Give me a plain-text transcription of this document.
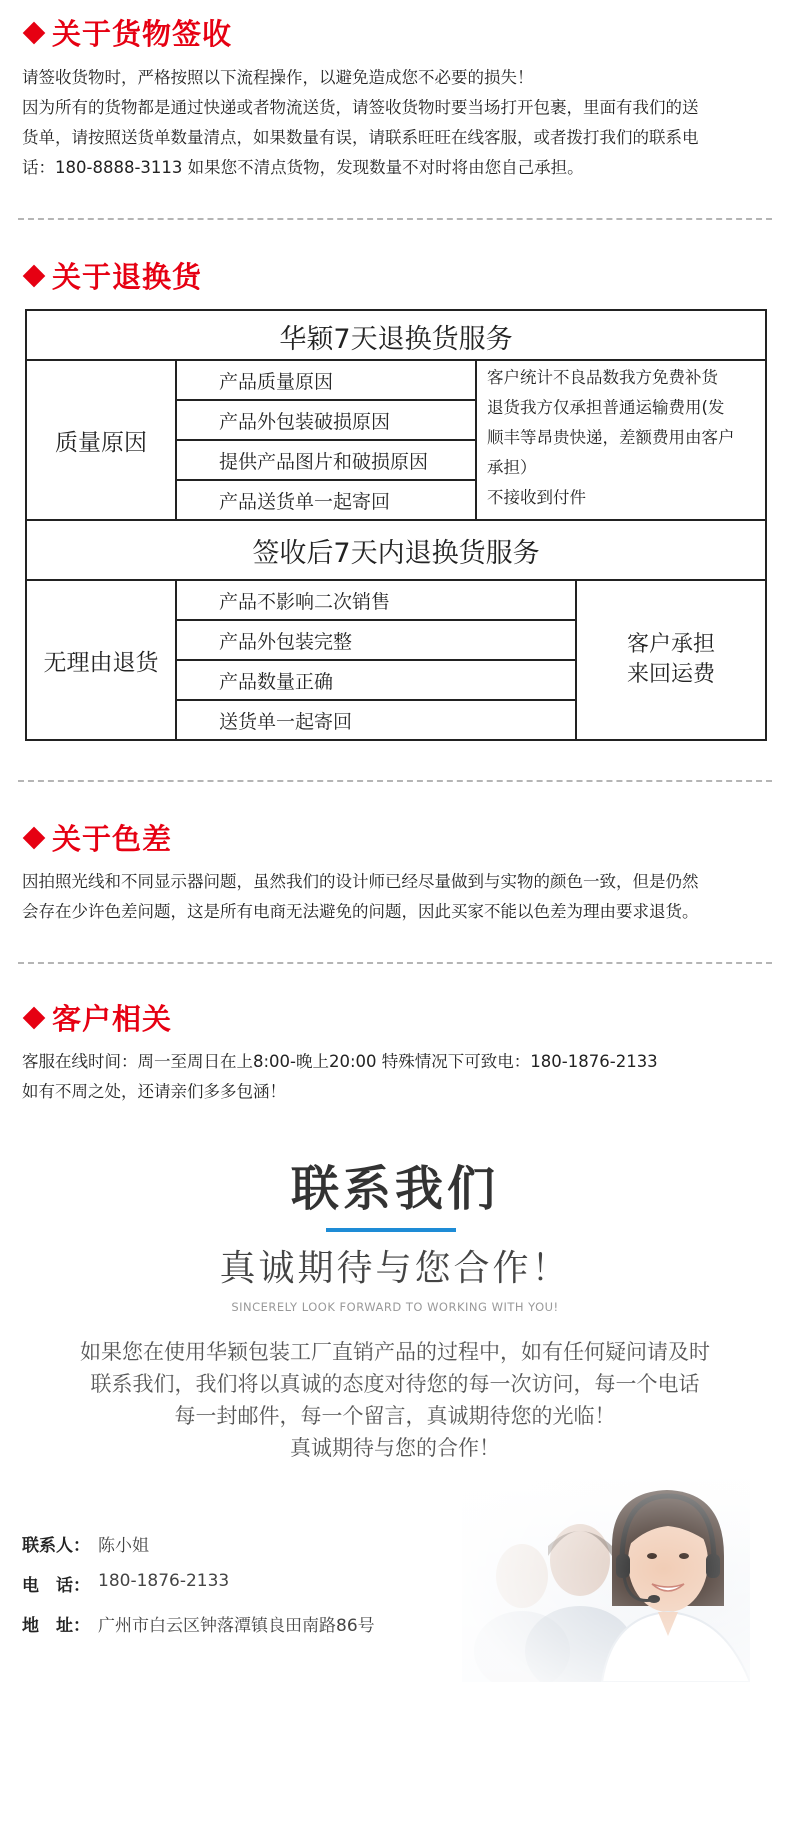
关于货物签收
请签收货物时，严格按照以下流程操作，以避免造成您不必要的损失！
因为所有的货物都是通过快递或者物流送货，请签收货物时要当场打开包裹，里面有我们的送
货单，请按照送货单数量清点，如果数量有误，请联系旺旺在线客服，或者拨打我们的联系电
话：180-8888-3113 如果您不清点货物，发现数量不对时将由您自己承担。
关于退换货
华颖7天退换货服务
签收后7天内退换货服务
质量原因
产品质量原因
产品外包装破损原因
提供产品图片和破损原因
产品送货单一起寄回
客户统计不良品数我方免费补货
退货我方仅承担普通运输费用(发
顺丰等昂贵快递，差额费用由客户
承担）
不接收到付件
无理由退货
产品不影响二次销售
产品外包装完整
产品数量正确
送货单一起寄回
客户承担
来回运费
关于色差
因拍照光线和不同显示器问题，虽然我们的设计师已经尽量做到与实物的颜色一致，但是仍然
会存在少许色差问题，这是所有电商无法避免的问题，因此买家不能以色差为理由要求退货。
客户相关
客服在线时间：周一至周日在上8:00-晚上20:00 特殊情况下可致电：180-1876-2133
如有不周之处，还请亲们多多包涵！
联系我们
真诚期待与您合作！
SINCERELY LOOK FORWARD TO WORKING WITH YOU!
如果您在使用华颖包装工厂直销产品的过程中，如有任何疑问请及时
联系我们，我们将以真诚的态度对待您的每一次访问，每一个电话
每一封邮件，每一个留言，真诚期待您的光临！
真诚期待与您的合作！
联系人： 陈小姐
电　话： 180-1876-2133
地　址： 广州市白云区钟落潭镇良田南路86号
